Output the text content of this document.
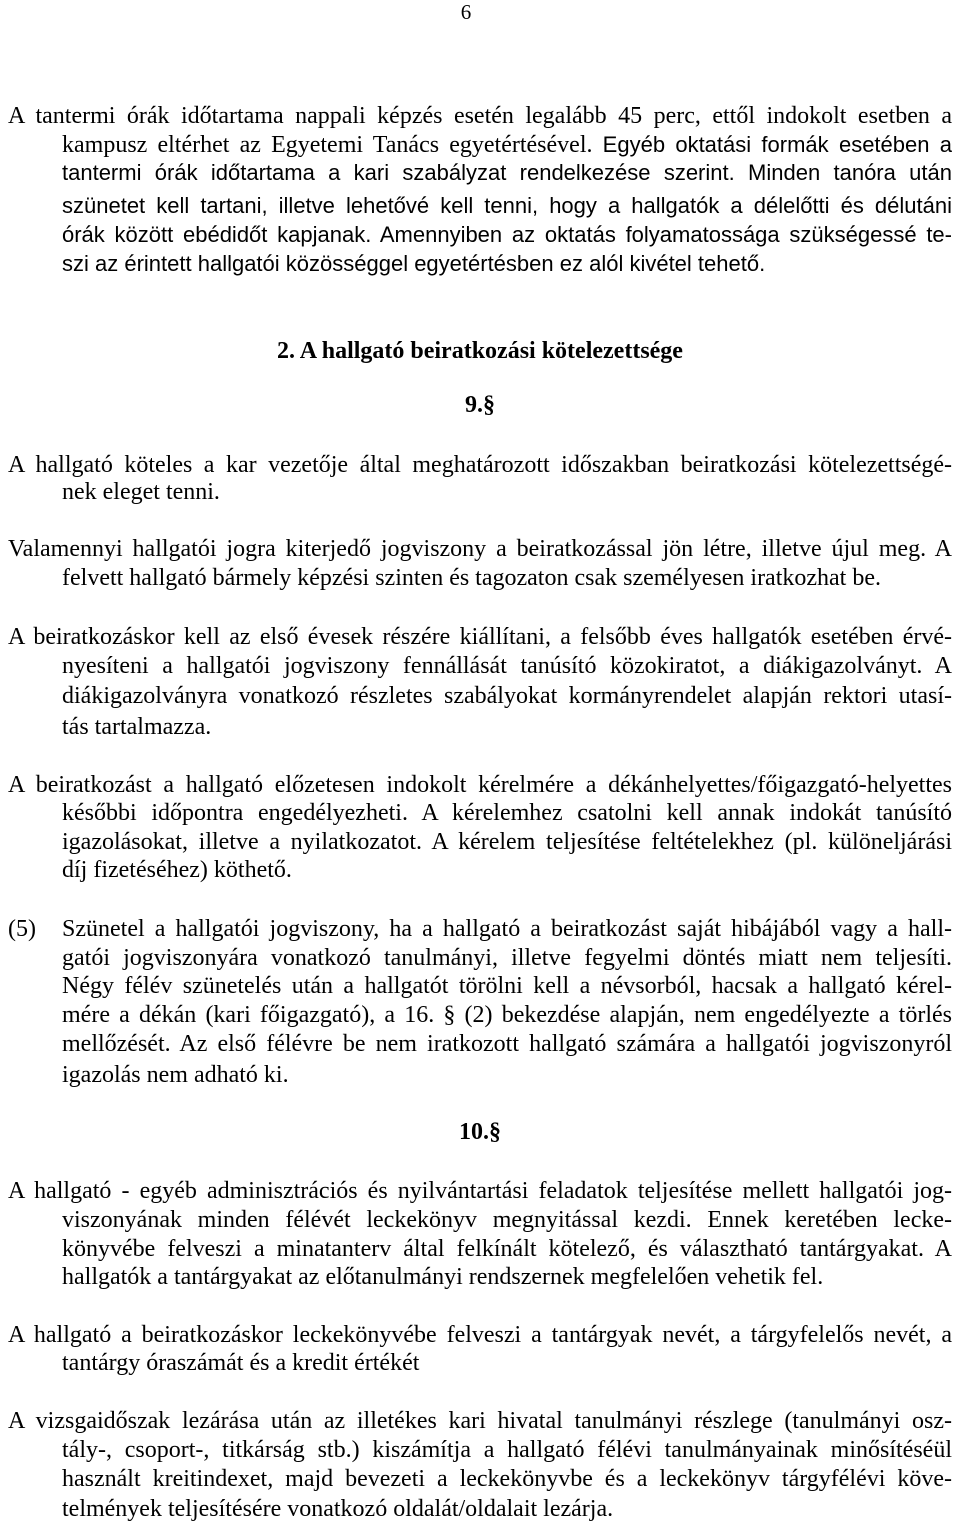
6
A tantermi órák időtartama nappali képzés esetén legalább 45 perc, ettől indokolt esetben a
kampusz eltérhet az Egyetemi Tanács egyetértésével. Egyéb oktatási formák esetében a
tantermi órák időtartama a kari szabályzat rendelkezése szerint. Minden tanóra után
szünetet kell tartani, illetve lehetővé kell tenni, hogy a hallgatók a délelőtti és délutáni
órák között ebédidőt kapjanak. Amennyiben az oktatás folyamatossága szükségessé te-
szi az érintett hallgatói közösséggel egyetértésben ez alól kivétel tehető.
2. A hallgató beiratkozási kötelezettsége
9.§
A hallgató köteles a kar vezetője által meghatározott időszakban beiratkozási kötelezettségé-
nek eleget tenni.
Valamennyi hallgatói jogra kiterjedő jogviszony a beiratkozással jön létre, illetve újul meg. A
felvett hallgató bármely képzési szinten és tagozaton csak személyesen iratkozhat be.
A beiratkozáskor kell az első évesek részére kiállítani, a felsőbb éves hallgatók esetében érvé-
nyesíteni a hallgatói jogviszony fennállását tanúsító közokiratot, a diákigazolványt. A
diákigazolványra vonatkozó részletes szabályokat kormányrendelet alapján rektori utasí-
tás tartalmazza.
A beiratkozást a hallgató előzetesen indokolt kérelmére a dékánhelyettes/főigazgató-helyettes
későbbi időpontra engedélyezheti. A kérelemhez csatolni kell annak indokát tanúsító
igazolásokat, illetve a nyilatkozatot. A kérelem teljesítése feltételekhez (pl. különeljárási
díj fizetéséhez) köthető.
(5) Szünetel a hallgatói jogviszony, ha a hallgató a beiratkozást saját hibájából vagy a hall-
gatói jogviszonyára vonatkozó tanulmányi, illetve fegyelmi döntés miatt nem teljesíti.
Négy félév szünetelés után a hallgatót törölni kell a névsorból, hacsak a hallgató kérel-
mére a dékán (kari főigazgató), a 16. § (2) bekezdése alapján, nem engedélyezte a törlés
mellőzését. Az első félévre be nem iratkozott hallgató számára a hallgatói jogviszonyról
igazolás nem adható ki.
10.§
A hallgató - egyéb adminisztrációs és nyilvántartási feladatok teljesítése mellett hallgatói jog-
viszonyának minden félévét leckekönyv megnyitással kezdi. Ennek keretében lecke-
könyvébe felveszi a minatanterv által felkínált kötelező, és választható tantárgyakat. A
hallgatók a tantárgyakat az előtanulmányi rendszernek megfelelően vehetik fel.
A hallgató a beiratkozáskor leckekönyvébe felveszi a tantárgyak nevét, a tárgyfelelős nevét, a
tantárgy óraszámát és a kredit értékét
A vizsgaidőszak lezárása után az illetékes kari hivatal tanulmányi részlege (tanulmányi osz-
tály-, csoport-, titkárság stb.) kiszámítja a hallgató félévi tanulmányainak minősítéséül
használt kreitindexet, majd bevezeti a leckekönyvbe és a leckekönyv tárgyfélévi köve-
telmények teljesítésére vonatkozó oldalát/oldalait lezárja.
